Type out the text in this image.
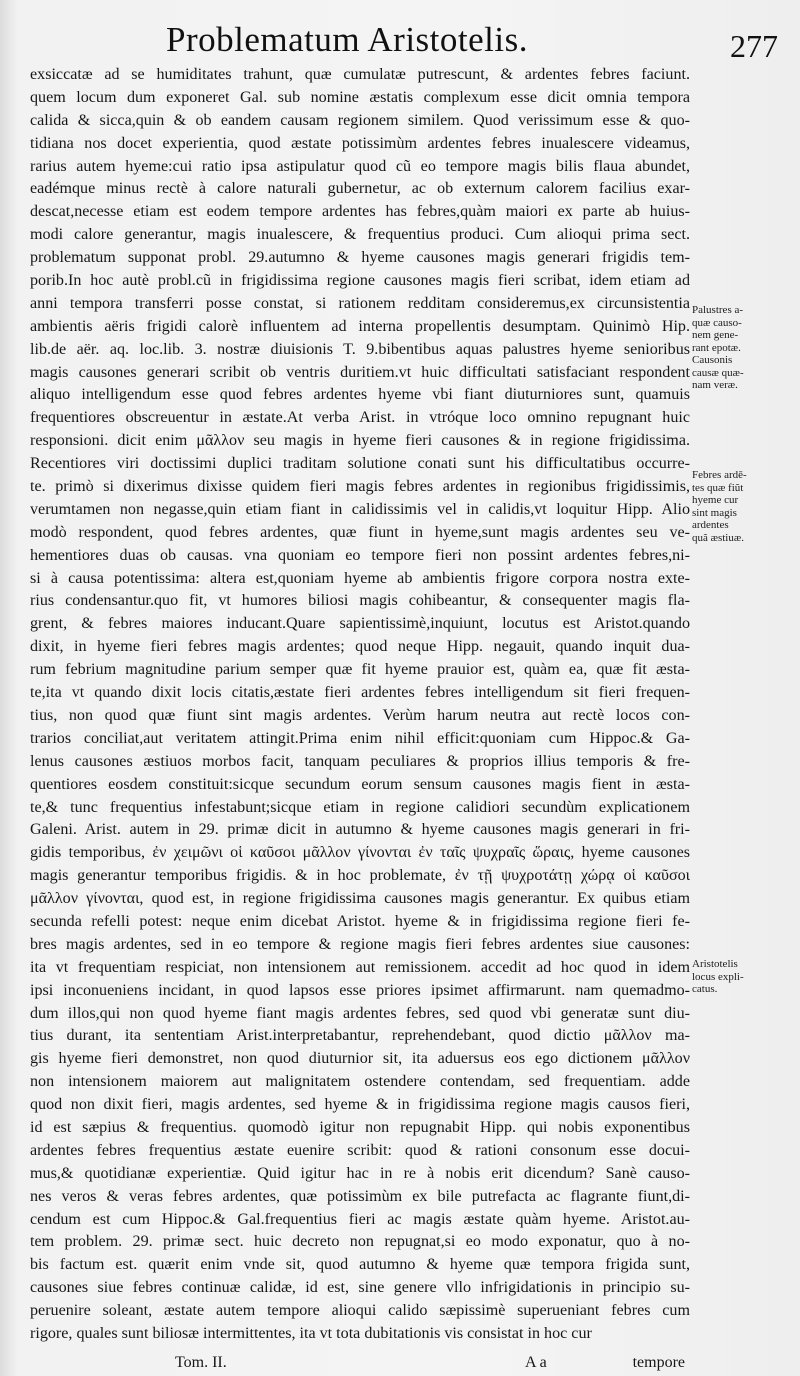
Problematum Aristotelis.	277
exsiccatæ ad se humiditates trahunt, quæ cumulatæ putrescunt, & ardentes febres faciunt.
quem locum dum exponeret Gal. sub nomine æstatis complexum esse dicit omnia tempora
calida & sicca,quin & ob eandem causam regionem similem. Quod verissimum esse & quo-
tidiana nos docet experientia, quod æstate potissimùm ardentes febres inualescere videamus,
rarius autem hyeme:cui ratio ipsa astipulatur quod cũ eo tempore magis bilis flaua abundet,
eadémque minus rectè à calore naturali gubernetur, ac ob externum calorem facilius exar-
descat,necesse etiam est eodem tempore ardentes has febres,quàm maiori ex parte ab huius-
modi calore generantur, magis inualescere, & frequentius produci. Cum alioqui prima sect.
problematum supponat probl. 29.autumno & hyeme causones magis generari frigidis tem-
porib.In hoc autè probl.cũ in frigidissima regione causones magis fieri scribat, idem etiam ad
anni tempora transferri posse constat, si rationem redditam consideremus,ex circunsistentia
ambientis aëris frigidi calorè influentem ad interna propellentis desumptam. Quinimò Hip.
lib.de aër. aq. loc.lib. 3. nostræ diuisionis T. 9.bibentibus aquas palustres hyeme senioribus
magis causones generari scribit ob ventris duritiem.vt huic difficultati satisfaciant respondent
aliquo intelligendum esse quod febres ardentes hyeme vbi fiant diuturniores sunt, quamuis
frequentiores obscreuentur in æstate.At verba Arist. in vtróque loco omnino repugnant huic
responsioni. dicit enim μᾶλλον seu magis in hyeme fieri causones & in regione frigidissima.
Recentiores viri doctissimi duplici traditam solutione conati sunt his difficultatibus occurre-
te. primò si dixerimus dixisse quidem fieri magis febres ardentes in regionibus frigidissimis,
verumtamen non negasse,quin etiam fiant in calidissimis vel in calidis,vt loquitur Hipp. Alio
modò respondent, quod febres ardentes, quæ fiunt in hyeme,sunt magis ardentes seu ve-
hementiores duas ob causas. vna quoniam eo tempore fieri non possint ardentes febres,ni-
si à causa potentissima: altera est,quoniam hyeme ab ambientis frigore corpora nostra exte-
rius condensantur.quo fit, vt humores biliosi magis cohibeantur, & consequenter magis fla-
grent, & febres maiores inducant.Quare sapientissimè,inquiunt, locutus est Aristot.quando
dixit, in hyeme fieri febres magis ardentes; quod neque Hipp. negauit, quando inquit dua-
rum febrium magnitudine parium semper quæ fit hyeme prauior est, quàm ea, quæ fit æsta-
te,ita vt quando dixit locis citatis,æstate fieri ardentes febres intelligendum sit fieri frequen-
tius, non quod quæ fiunt sint magis ardentes. Verùm harum neutra aut rectè locos con-
trarios conciliat,aut veritatem attingit.Prima enim nihil efficit:quoniam cum Hippoc.& Ga-
lenus causones æstiuos morbos facit, tanquam peculiares & proprios illius temporis & fre-
quentiores eosdem constituit:sicque secundum eorum sensum causones magis fient in æsta-
te,& tunc frequentius infestabunt;sicque etiam in regione calidiori secundùm explicationem
Galeni. Arist. autem in 29. primæ dicit in autumno & hyeme causones magis generari in fri-
gidis temporibus, ἐν χειμῶνι οἱ καῦσοι μᾶλλον γίνονται ἐν ταῖς ψυχραῖς ὥραις, hyeme causones
magis generantur temporibus frigidis. & in hoc problemate, ἐν τῇ ψυχροτάτῃ χώρᾳ οἱ καῦσοι
μᾶλλον γίνονται, quod est, in regione frigidissima causones magis generantur. Ex quibus etiam
secunda refelli potest: neque enim dicebat Aristot. hyeme & in frigidissima regione fieri fe-
bres magis ardentes, sed in eo tempore & regione magis fieri febres ardentes siue causones:
ita vt frequentiam respiciat, non intensionem aut remissionem. accedit ad hoc quod in idem
ipsi inconueniens incidant, in quod lapsos esse priores ipsimet affirmarunt. nam quemadmo-
dum illos,qui non quod hyeme fiant magis ardentes febres, sed quod vbi generatæ sunt diu-
tius durant, ita sententiam Arist.interpretabantur, reprehendebant, quod dictio μᾶλλον ma-
gis hyeme fieri demonstret, non quod diuturnior sit, ita aduersus eos ego dictionem μᾶλλον
non intensionem maiorem aut malignitatem ostendere contendam, sed frequentiam. adde
quod non dixit fieri, magis ardentes, sed hyeme & in frigidissima regione magis causos fieri,
id est sæpius & frequentius. quomodò igitur non repugnabit Hipp. qui nobis exponentibus
ardentes febres frequentius æstate euenire scribit: quod & rationi consonum esse docui-
mus,& quotidianæ experientiæ. Quid igitur hac in re à nobis erit dicendum? Sanè causo-
nes veros & veras febres ardentes, quæ potissimùm ex bile putrefacta ac flagrante fiunt,di-
cendum est cum Hippoc.& Gal.frequentius fieri ac magis æstate quàm hyeme. Aristot.au-
tem problem. 29. primæ sect. huic decreto non repugnat,si eo modo exponatur, quo à no-
bis factum est. quærit enim vnde sit, quod autumno & hyeme quæ tempora frigida sunt,
causones siue febres continuæ calidæ, id est, sine genere vllo infrigidationis in principio su-
peruenire soleant, æstate autem tempore alioqui calido sæpissimè superueniant febres cum
rigore, quales sunt biliosæ intermittentes, ita vt tota dubitationis vis consistat in hoc cur
Palustres a-
quæ causo-
nem gene-
rant epotæ.
Causonis
causæ quæ-
nam veræ.
Febres ardē-
tes quæ fiũt
hyeme cur
sint magis
ardentes
quã æstiuæ.
Aristotelis
locus expli-
catus.
Tom. II.	A a	tempore
